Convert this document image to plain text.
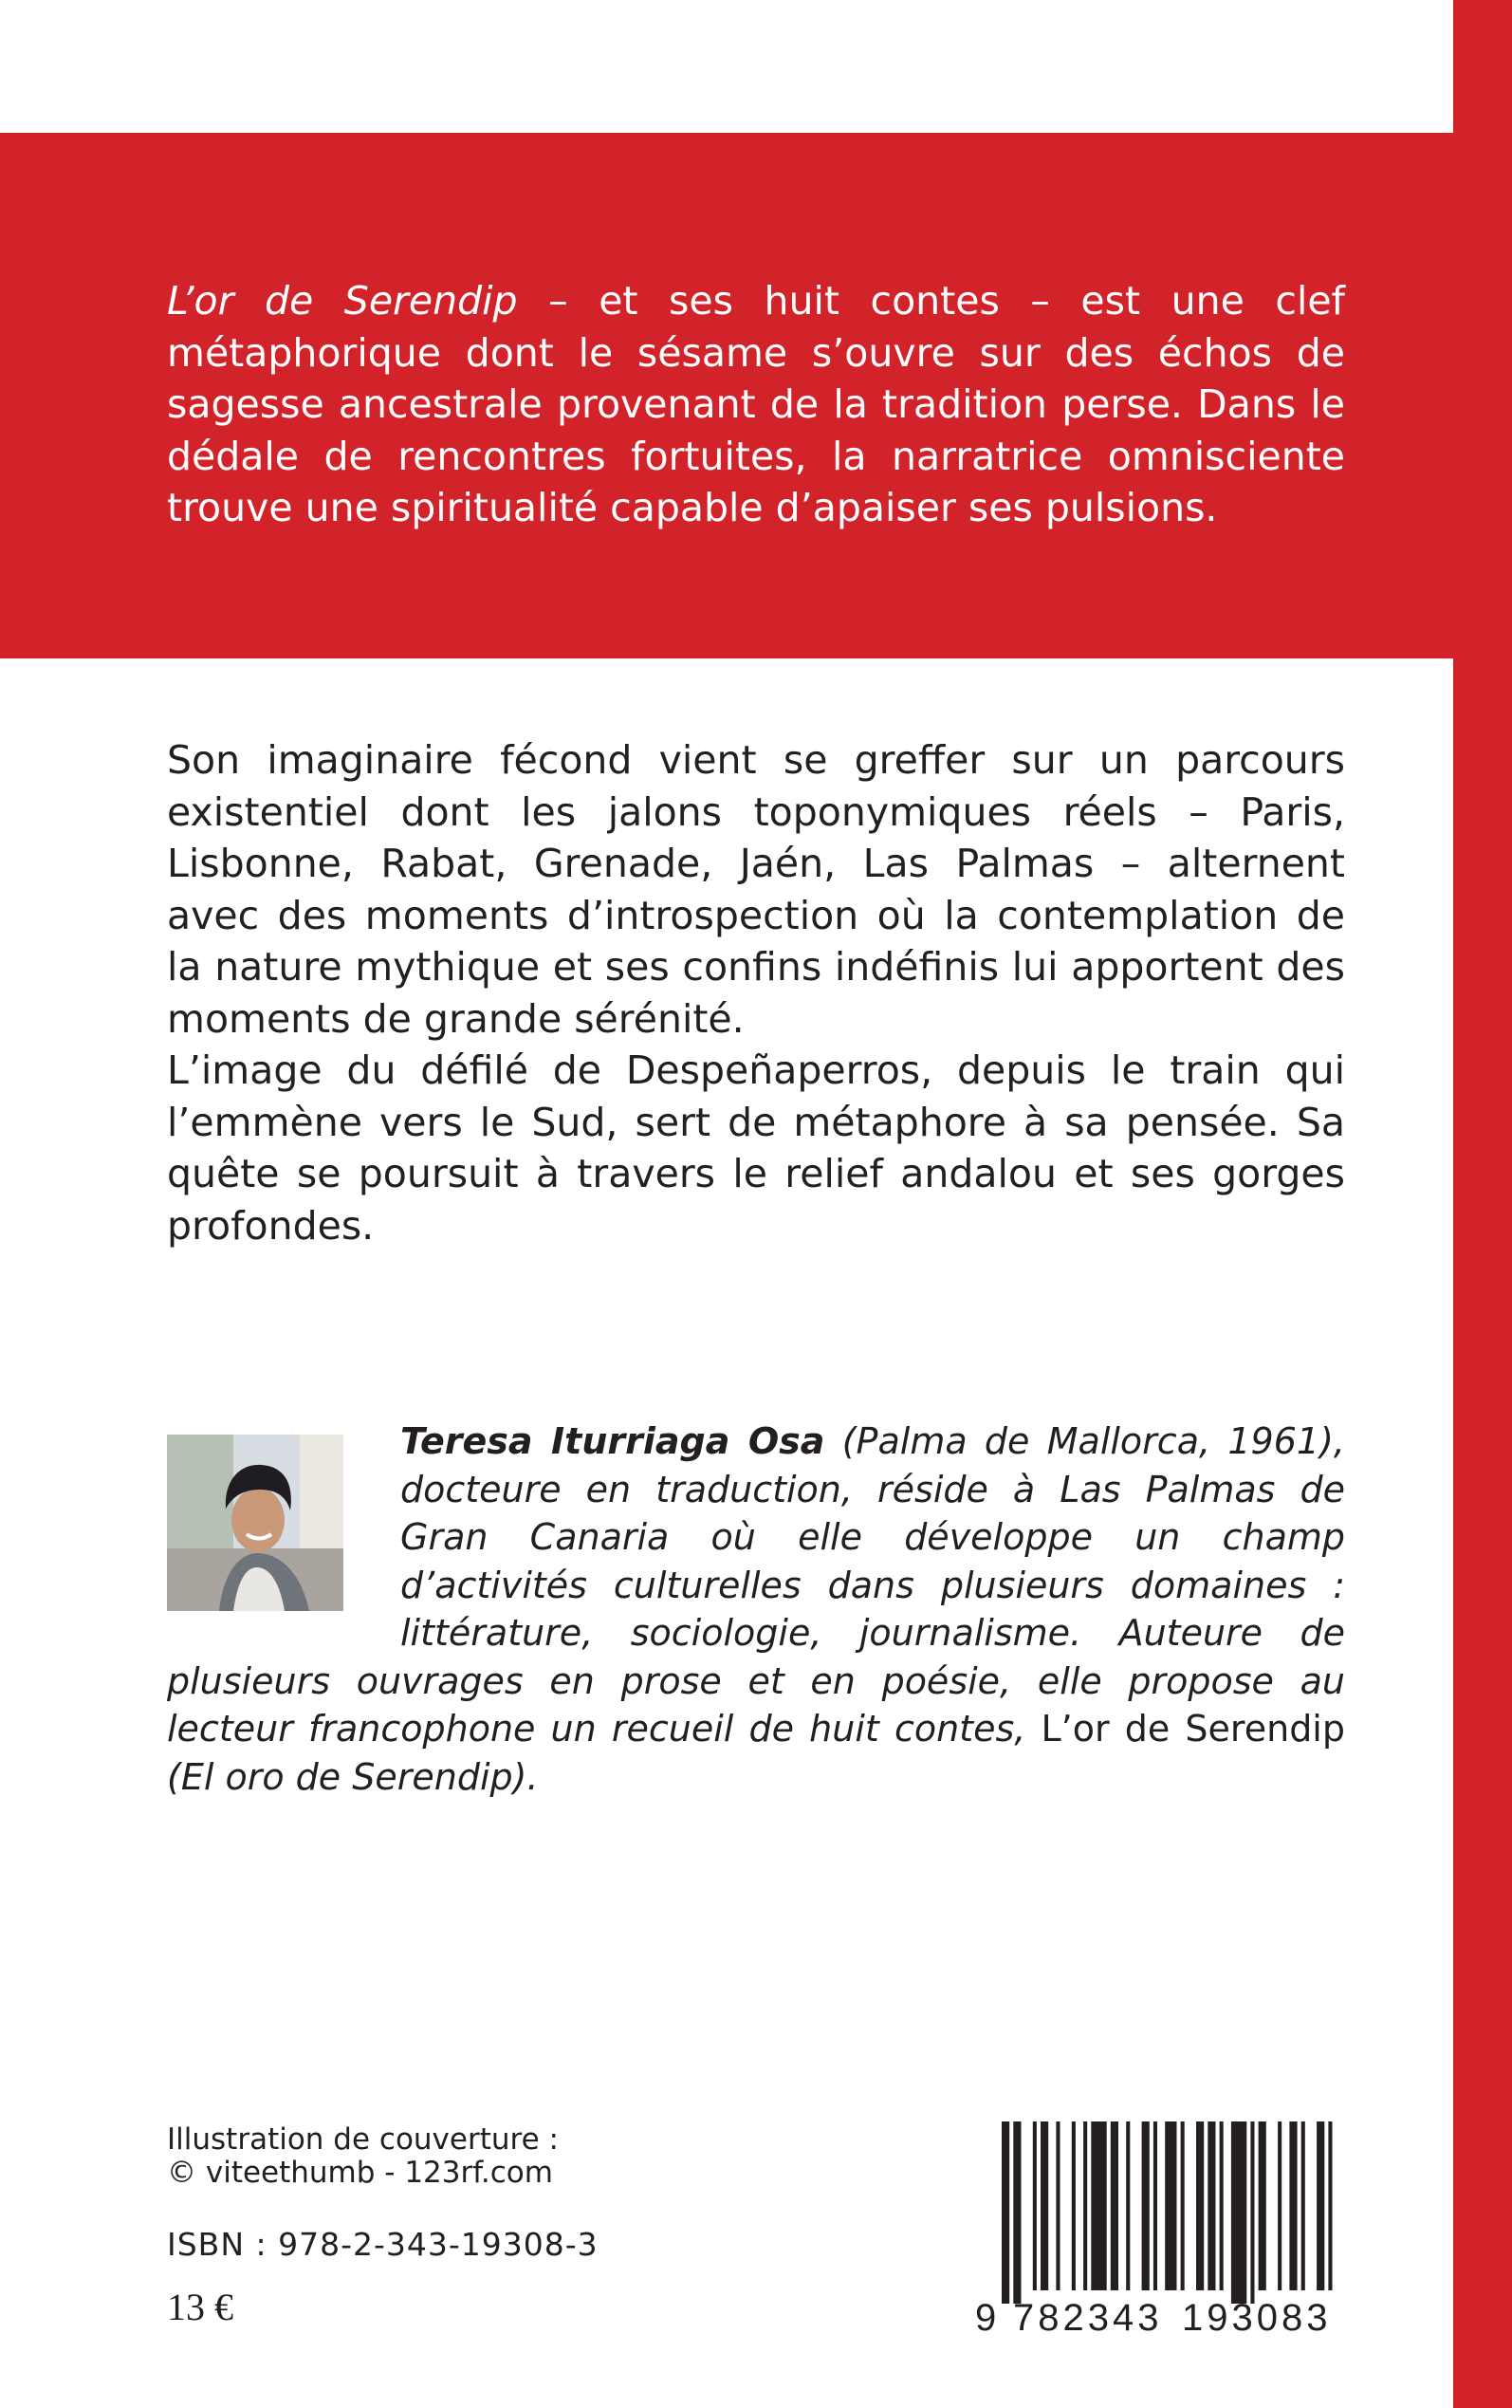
L’or de Serendip – et ses huit contes – est une clef métaphorique dont le sésame s’ouvre sur des échos de sagesse ancestrale provenant de la tradition perse. Dans le dédale de rencontres fortuites, la narratrice omnisciente trouve une spiritualité capable d’apaiser ses pulsions.

Son imaginaire fécond vient se greffer sur un parcours existentiel dont les jalons toponymiques réels – Paris, Lisbonne, Rabat, Grenade, Jaén, Las Palmas – alternent avec des moments d’introspection où la contemplation de la nature mythique et ses confins indéfinis lui apportent des moments de grande sérénité.

L’image du défilé de Despeñaperros, depuis le train qui l’emmène vers le Sud, sert de métaphore à sa pensée. Sa quête se poursuit à travers le relief andalou et ses gorges profondes.

Teresa Iturriaga Osa (Palma de Mallorca, 1961), docteure en traduction, réside à Las Palmas de Gran Canaria où elle développe un champ d’activités culturelles dans plusieurs domaines : littérature, sociologie, journalisme. Auteure de plusieurs ouvrages en prose et en poésie, elle propose au lecteur francophone un recueil de huit contes, L’or de Serendip (El oro de Serendip).

Illustration de couverture :
© viteethumb - 123rf.com
ISBN : 978-2-343-19308-3
13 €	9 782343 193083
